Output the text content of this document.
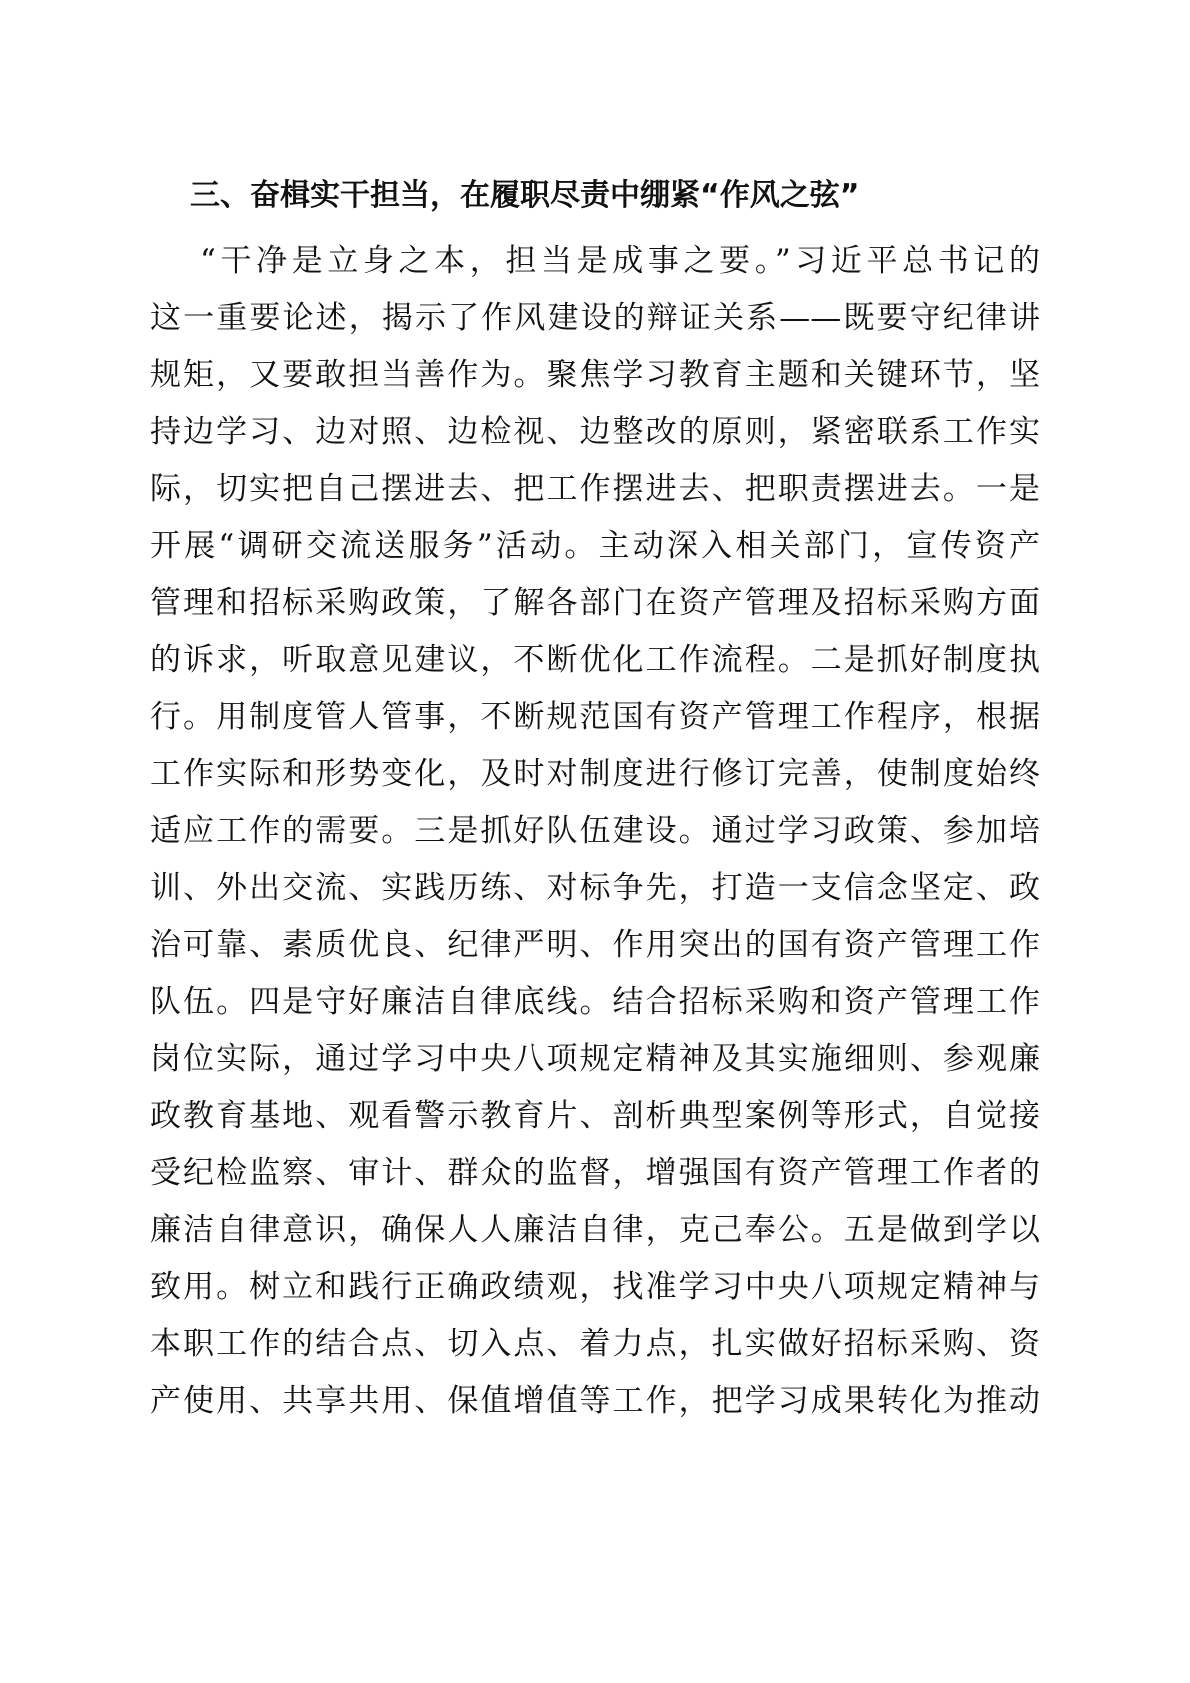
三、奋楫实干担当，在履职尽责中绷紧“作风之弦”
“干净是立身之本，担当是成事之要。”习近平总书记的
这一重要论述，揭示了作风建设的辩证关系——既要守纪律讲
规矩，又要敢担当善作为。聚焦学习教育主题和关键环节，坚
持边学习、边对照、边检视、边整改的原则，紧密联系工作实
际，切实把自己摆进去、把工作摆进去、把职责摆进去。一是
开展“调研交流送服务”活动。主动深入相关部门，宣传资产
管理和招标采购政策，了解各部门在资产管理及招标采购方面
的诉求，听取意见建议，不断优化工作流程。二是抓好制度执
行。用制度管人管事，不断规范国有资产管理工作程序，根据
工作实际和形势变化，及时对制度进行修订完善，使制度始终
适应工作的需要。三是抓好队伍建设。通过学习政策、参加培
训、外出交流、实践历练、对标争先，打造一支信念坚定、政
治可靠、素质优良、纪律严明、作用突出的国有资产管理工作
队伍。四是守好廉洁自律底线。结合招标采购和资产管理工作
岗位实际，通过学习中央八项规定精神及其实施细则、参观廉
政教育基地、观看警示教育片、剖析典型案例等形式，自觉接
受纪检监察、审计、群众的监督，增强国有资产管理工作者的
廉洁自律意识，确保人人廉洁自律，克己奉公。五是做到学以
致用。树立和践行正确政绩观，找准学习中央八项规定精神与
本职工作的结合点、切入点、着力点，扎实做好招标采购、资
产使用、共享共用、保值增值等工作，把学习成果转化为推动
